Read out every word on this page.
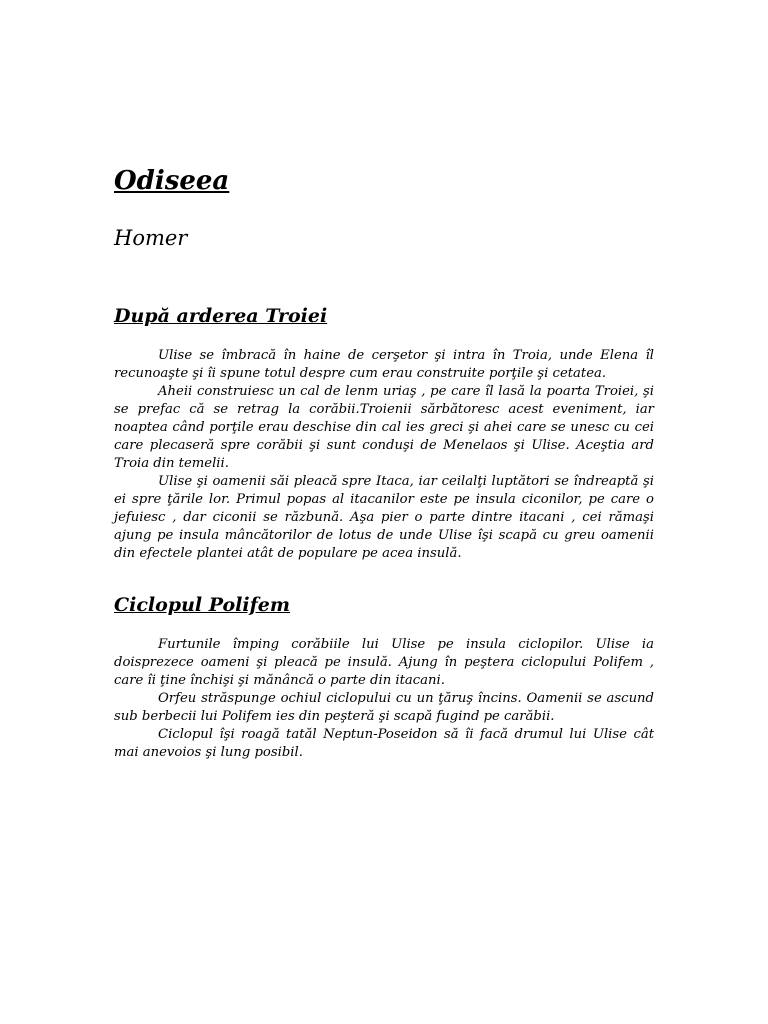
Odiseea
Homer
După arderea Troiei

Ulise se îmbracă în haine de cerşetor şi intra în Troia, unde Elena îl recunoaşte şi îi spune totul despre cum erau construite porţile şi cetatea.

Aheii construiesc un cal de lenm uriaş , pe care îl lasă la poarta Troiei, şi se prefac că se retrag la corăbii.Troienii sărbătoresc acest eveniment, iar noaptea când porţile erau deschise din cal ies greci şi ahei care se unesc cu cei care plecaseră spre corăbii şi sunt conduşi de Menelaos şi Ulise. Aceştia ard Troia din temelii.

Ulise şi oamenii săi pleacă spre Itaca, iar ceilalţi luptători se îndreaptă şi ei spre ţările lor. Primul popas al itacanilor este pe insula ciconilor, pe care o jefuiesc , dar ciconii se răzbună. Aşa pier o parte dintre itacani , cei rămaşi ajung pe insula mâncătorilor de lotus de unde Ulise îşi scapă cu greu oamenii din efectele plantei atât de populare pe acea insulă.

Ciclopul Polifem

Furtunile împing corăbiile lui Ulise pe insula ciclopilor. Ulise ia doisprezece oameni şi pleacă pe insulă. Ajung în peştera ciclopului Polifem , care îi ţine închişi şi mănâncă o parte din itacani.

Orfeu străspunge ochiul ciclopului cu un ţăruş încins. Oamenii se ascund sub berbecii lui Polifem ies din peşteră şi scapă fugind pe carăbii.

Ciclopul îşi roagă tatăl Neptun-Poseidon să îi facă drumul lui Ulise cât mai anevoios şi lung posibil.
